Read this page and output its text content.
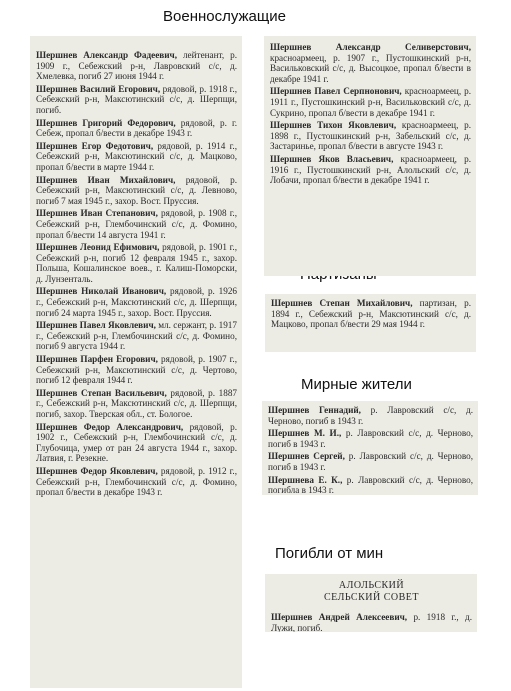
Военнослужащие
Мирные жители
Погибли от мин

Шершнев Александр Фадеевич, лейтенант, р. 1909 г., Себежский р-н, Лавровский с/с, д. Хмелевка, погиб 27 июня 1944 г.
Шершнев Василий Егорович, рядовой, р. 1918 г., Себежский р-н, Максютинский с/с, д. Шерпщи, погиб.
Шершнев Григорий Федорович, рядовой, р. г. Себеж, пропал б/вести в декабре 1943 г.
Шершнев Егор Федотович, рядовой, р. 1914 г., Себежский р-н, Максютинский с/с, д. Мацково, пропал б/вести в марте 1944 г.
Шершнев Иван Михайлович, рядовой, р. Себежский р-н, Максютинский с/с, д. Левново, погиб 7 мая 1945 г., захор. Вост. Пруссия.
Шершнев Иван Степанович, рядовой, р. 1908 г., Себежский р-н, Глембочинский с/с, д. Фомино, пропал б/вести 14 августа 1941 г.
Шершнев Леонид Ефимович, рядовой, р. 1901 г., Себежский р-н, погиб 12 февраля 1945 г., захор. Польша, Кошалинское воев., г. Калиш-Поморски, д. Лунзенталь.
Шершнев Николай Иванович, рядовой, р. 1926 г., Себежский р-н, Максютинский с/с, д. Шерпщи, погиб 24 марта 1945 г., захор. Вост. Пруссия.
Шершнев Павел Яковлевич, мл. сержант, р. 1917 г., Себежский р-н, Глембочинский с/с, д. Фомино, погиб 9 августа 1944 г.
Шершнев Парфен Егорович, рядовой, р. 1907 г., Себежский р-н, Максютинский с/с, д. Чертово, погиб 12 февраля 1944 г.
Шершнев Степан Васильевич, рядовой, р. 1887 г., Себежский р-н, Максютинский с/с, д. Шерпщи, погиб, захор. Тверская обл., ст. Бологое.
Шершнев Федор Александрович, рядовой, р. 1902 г., Себежский р-н, Глембочинский с/с, д. Глубочица, умер от ран 24 августа 1944 г., захор. Латвия, г. Резекне.
Шершнев Федор Яковлевич, рядовой, р. 1912 г., Себежский р-н, Глембочинский с/с, д. Фомино, пропал б/вести в декабре 1943 г.
Шершнев Александр Селиверстович, красноармеец, р. 1907 г., Пустошкинский р-н, Васильковский с/с, д. Высоцкое, пропал б/вести в декабре 1941 г.
Шершнев Павел Серпнонович, красноармеец, р. 1911 г., Пустошкинский р-н, Васильковский с/с, д. Сукрино, пропал б/вести в декабре 1941 г.
Шершнев Тихон Яковлевич, красноармеец, р. 1898 г., Пустошкинский р-н, Забельский с/с, д. Застаринье, пропал б/вести в августе 1943 г.
Шершнев Яков Власьевич, красноармеец, р. 1916 г., Пустошкинский р-н, Алольский с/с, д. Лобачи, пропал б/вести в декабре 1941 г.
Шершнев Степан Михайлович, партизан, р. 1894 г., Себежский р-н, Максютинский с/с, д. Мацково, пропал б/вести 29 мая 1944 г.
Шершнев Геннадий, р. Лавровский с/с, д. Черново, погиб в 1943 г.
Шершнев М. И., р. Лавровский с/с, д. Черново, погиб в 1943 г.
Шершнев Сергей, р. Лавровский с/с, д. Черново, погиб в 1943 г.
Шершнева Е. К., р. Лавровский с/с, д. Черново, погибла в 1943 г.
АЛОЛЬСКИЙ
СЕЛЬСКИЙ СОВЕТ
Шершнев Андрей Алексеевич, р. 1918 г., д. Лужи, погиб.
